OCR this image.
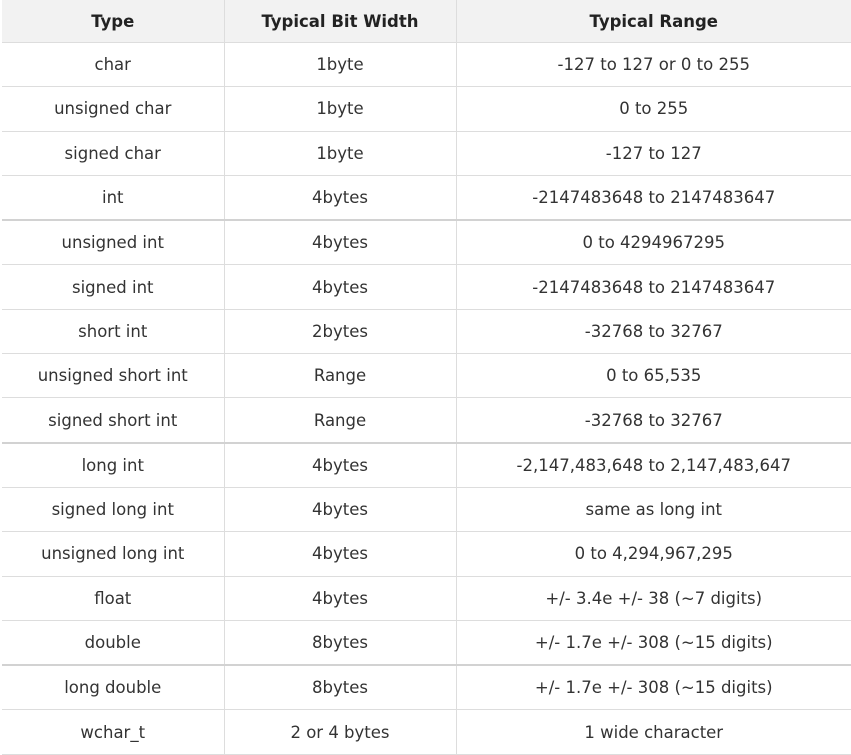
Type	Typical Bit Width	Typical Range
char	1byte	-127 to 127 or 0 to 255
unsigned char	1byte	0 to 255
signed char	1byte	-127 to 127
int	4bytes	-2147483648 to 2147483647
unsigned int	4bytes	0 to 4294967295
signed int	4bytes	-2147483648 to 2147483647
short int	2bytes	-32768 to 32767
unsigned short int	Range	0 to 65,535
signed short int	Range	-32768 to 32767
long int	4bytes	-2,147,483,648 to 2,147,483,647
signed long int	4bytes	same as long int
unsigned long int	4bytes	0 to 4,294,967,295
float	4bytes	+/- 3.4e +/- 38 (~7 digits)
double	8bytes	+/- 1.7e +/- 308 (~15 digits)
long double	8bytes	+/- 1.7e +/- 308 (~15 digits)
wchar_t	2 or 4 bytes	1 wide character
